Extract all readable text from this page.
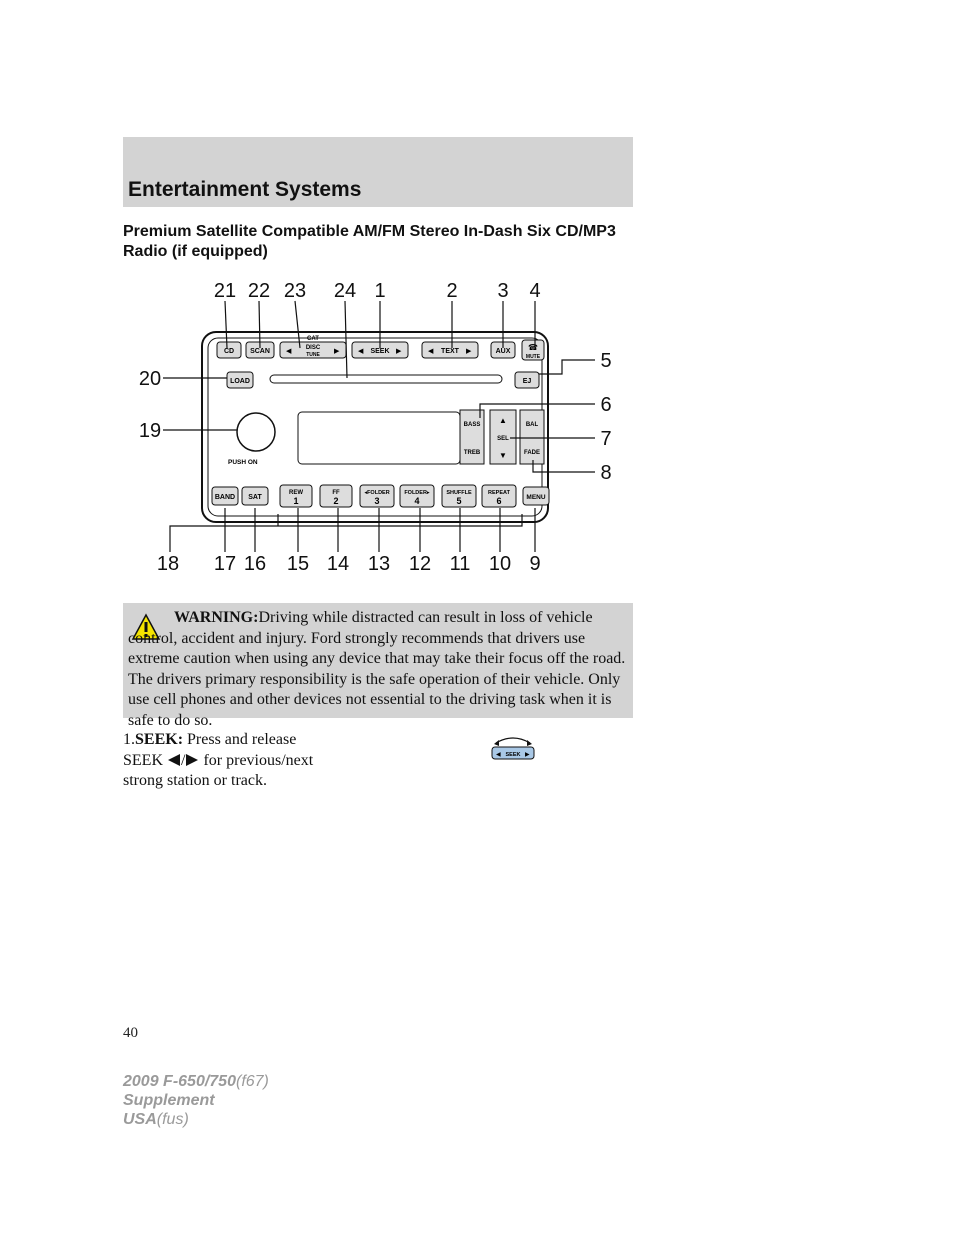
Entertainment Systems
Premium Satellite Compatible AM/FM Stereo In-Dash Six CD/MP3 Radio (if equipped)
CD SCAN
CAT
◀ DISC
TUNE ▶	◀ SEEK ▶	◀ TEXT ▶	AUX ☎
MUTE
LOAD	EJ
PUSH ON
BASS
TREB
▲
SEL
▼
BAL
FADE
BAND SAT
REW
1
FF
2
◂FOLDER
3
FOLDER▸
4
SHUFFLE
5
REPEAT
6	MENU
21 22 23 24 1	2 3 4
5
6
7
8
20
19
18 17 16 15 14 13 12 11 10 9
WARNING:Driving while distracted can result in loss of vehicle control, accident and injury. Ford strongly recommends that drivers use extreme caution when using any device that may take their focus off the road. The drivers primary responsibility is the safe operation of their vehicle. Only use cell phones and other devices not essential to the driving task when it is safe to do so.
1.SEEK: Press and release
SEEK / for previous/next
strong station or track.
◀ SEEK ▶
40
2009 F-650/750(f67)
Supplement
USA(fus)
